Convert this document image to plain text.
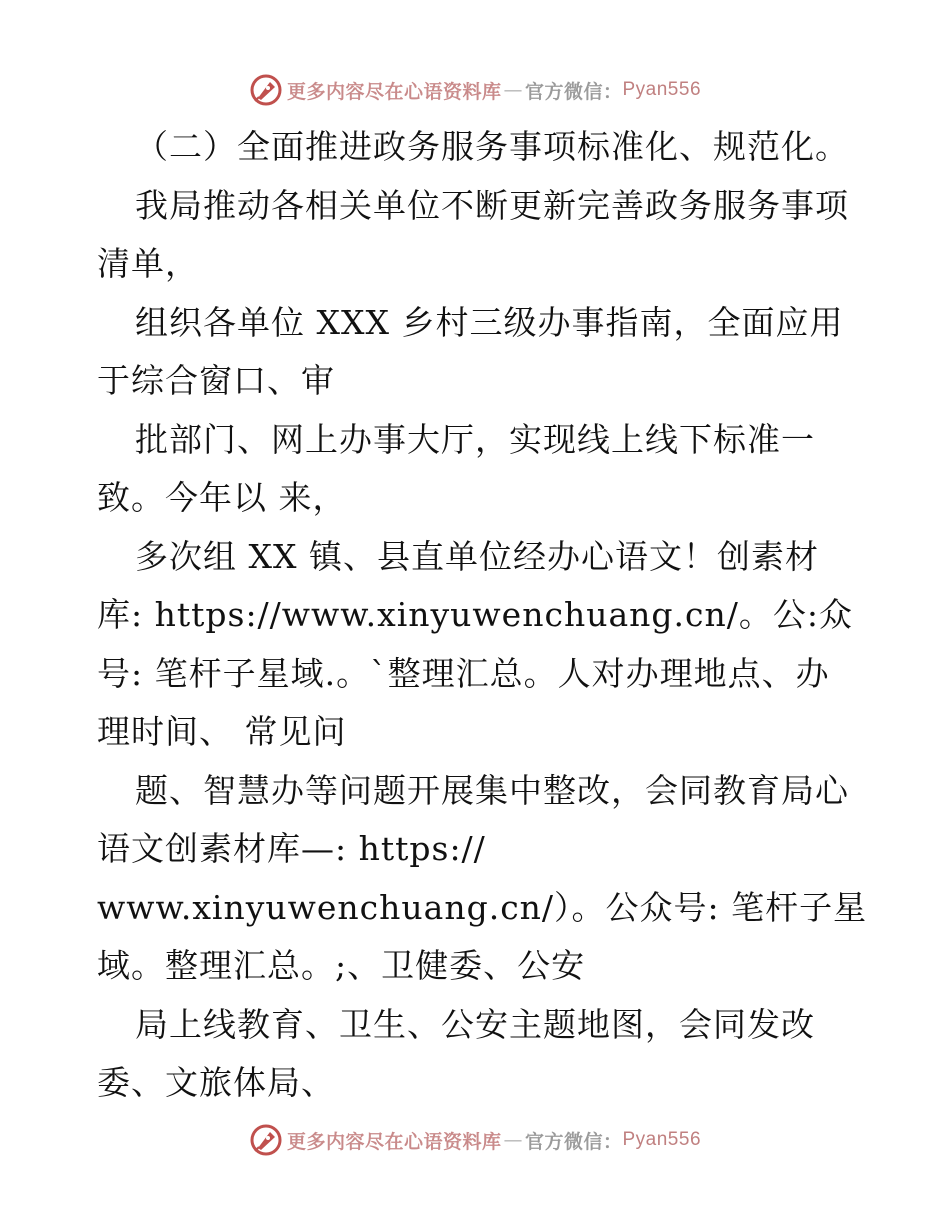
更多内容尽在心语资料库 — 官方微信： Pyan556
（二）全面推进政务服务事项标准化、规范化。
我局推动各相关单位不断更新完善政务服务事项
清单，
组织各单位 XXX 乡村三级办事指南，全面应用
于综合窗口、审
批部门、网上办事大厅，实现线上线下标准一
致。今年以 来，
多次组 XX 镇、县直单位经办心语文！创素材
库: https://www.xinyuwenchuang.cn/。公:众
号: 笔杆子星域.。`整理汇总。人对办理地点、办
理时间、 常见问
题、智慧办等问题开展集中整改，会同教育局心
语文创素材库—: https://
www.xinyuwenchuang.cn/）。公众号: 笔杆子星
域。整理汇总。;、卫健委、公安
局上线教育、卫生、公安主题地图，会同发改
委、文旅体局、
更多内容尽在心语资料库 — 官方微信： Pyan556
